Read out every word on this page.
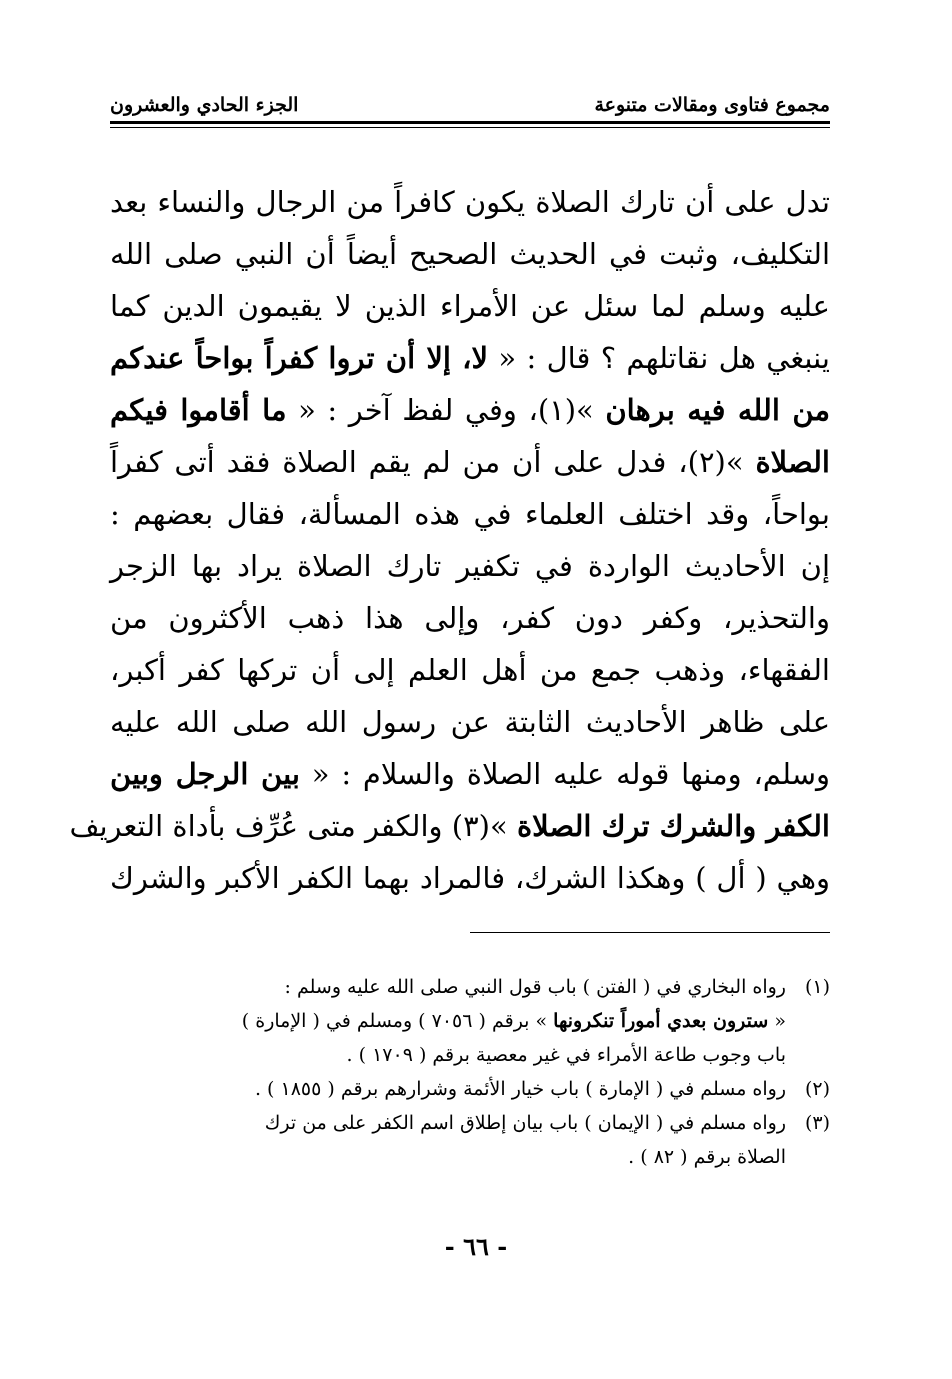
مجموع فتاوى ومقالات متنوعة
الجزء الحادي والعشرون
تدل على أن تارك الصلاة يكون كافراً من الرجال والنساء بعد
التكليف، وثبت في الحديث الصحيح أيضاً أن النبي صلى الله
عليه وسلم لما سئل عن الأمراء الذين لا يقيمون الدين كما
ينبغي هل نقاتلهم ؟ قال : « لا، إلا أن تروا كفراً بواحاً عندكم
من الله فيه برهان »(١)، وفي لفظ آخر : « ما أقاموا فيكم
الصلاة »(٢)، فدل على أن من لم يقم الصلاة فقد أتى كفراً
بواحاً، وقد اختلف العلماء في هذه المسألة، فقال بعضهم :
إن الأحاديث الواردة في تكفير تارك الصلاة يراد بها الزجر
والتحذير، وكفر دون كفر، وإلى هذا ذهب الأكثرون من
الفقهاء، وذهب جمع من أهل العلم إلى أن تركها كفر أكبر،
على ظاهر الأحاديث الثابتة عن رسول الله صلى الله عليه
وسلم، ومنها قوله عليه الصلاة والسلام : « بين الرجل وبين
الكفر والشرك ترك الصلاة »(٣) والكفر متى عُرِّف بأداة التعريف
وهي ( أل ) وهكذا الشرك، فالمراد بهما الكفر الأكبر والشرك
(١)
رواه البخاري في ( الفتن ) باب قول النبي صلى الله عليه وسلم :
« سترون بعدي أموراً تنكرونها » برقم ( ٧٠٥٦ ) ومسلم في ( الإمارة )
باب وجوب طاعة الأمراء في غير معصية برقم ( ١٧٠٩ ) .
(٢)
رواه مسلم في ( الإمارة ) باب خيار الأئمة وشرارهم برقم ( ١٨٥٥ ) .
(٣)
رواه مسلم في ( الإيمان ) باب بيان إطلاق اسم الكفر على من ترك
الصلاة برقم ( ٨٢ ) .
- ٦٦ -
